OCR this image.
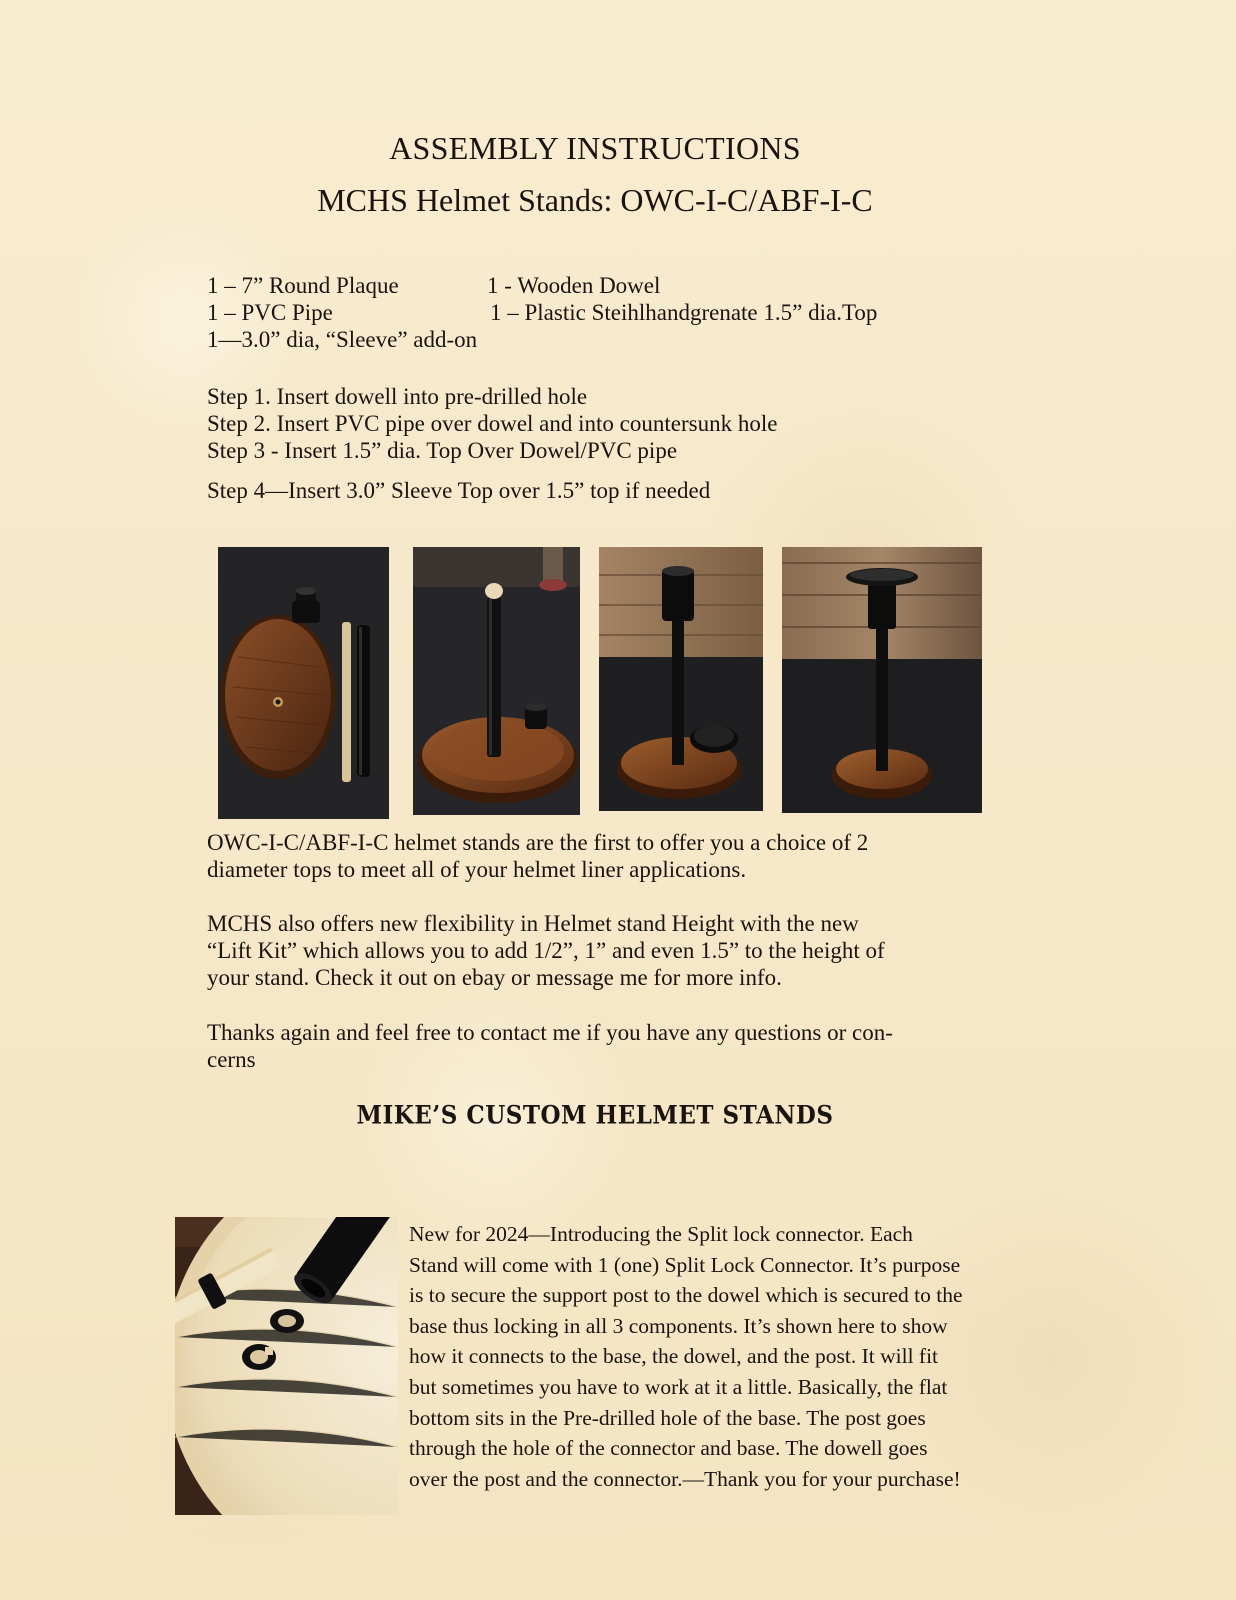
ASSEMBLY INSTRUCTIONS
MCHS Helmet Stands: OWC-I-C/ABF-I-C
1 – 7” Round Plaque	1 - Wooden Dowel
1 – PVC Pipe	1 – Plastic Steihlhandgrenate 1.5” dia.Top
1—3.0” dia, “Sleeve” add-on
Step 1. Insert dowell into pre-drilled hole
Step 2. Insert PVC pipe over dowel and into countersunk hole
Step 3 - Insert 1.5” dia. Top Over Dowel/PVC pipe
Step 4—Insert 3.0” Sleeve Top over 1.5” top if needed
OWC-I-C/ABF-I-C helmet stands are the first to offer you a choice of 2
diameter tops to meet all of your helmet liner applications.
MCHS also offers new flexibility in Helmet stand Height with the new
“Lift Kit” which allows you to add 1/2”, 1” and even 1.5” to the height of
your stand. Check it out on ebay or message me for more info.
Thanks again and feel free to contact me if you have any questions or con-
cerns
MIKE’S CUSTOM HELMET STANDS
New for 2024—Introducing the Split lock connector. Each
Stand will come with 1 (one) Split Lock Connector. It’s purpose
is to secure the support post to the dowel which is secured to the
base thus locking in all 3 components. It’s shown here to show
how it connects to the base, the dowel, and the post. It will fit
but sometimes you have to work at it a little. Basically, the flat
bottom sits in the Pre-drilled hole of the base. The post goes
through the hole of the connector and base. The dowell goes
over the post and the connector.—Thank you for your purchase!
